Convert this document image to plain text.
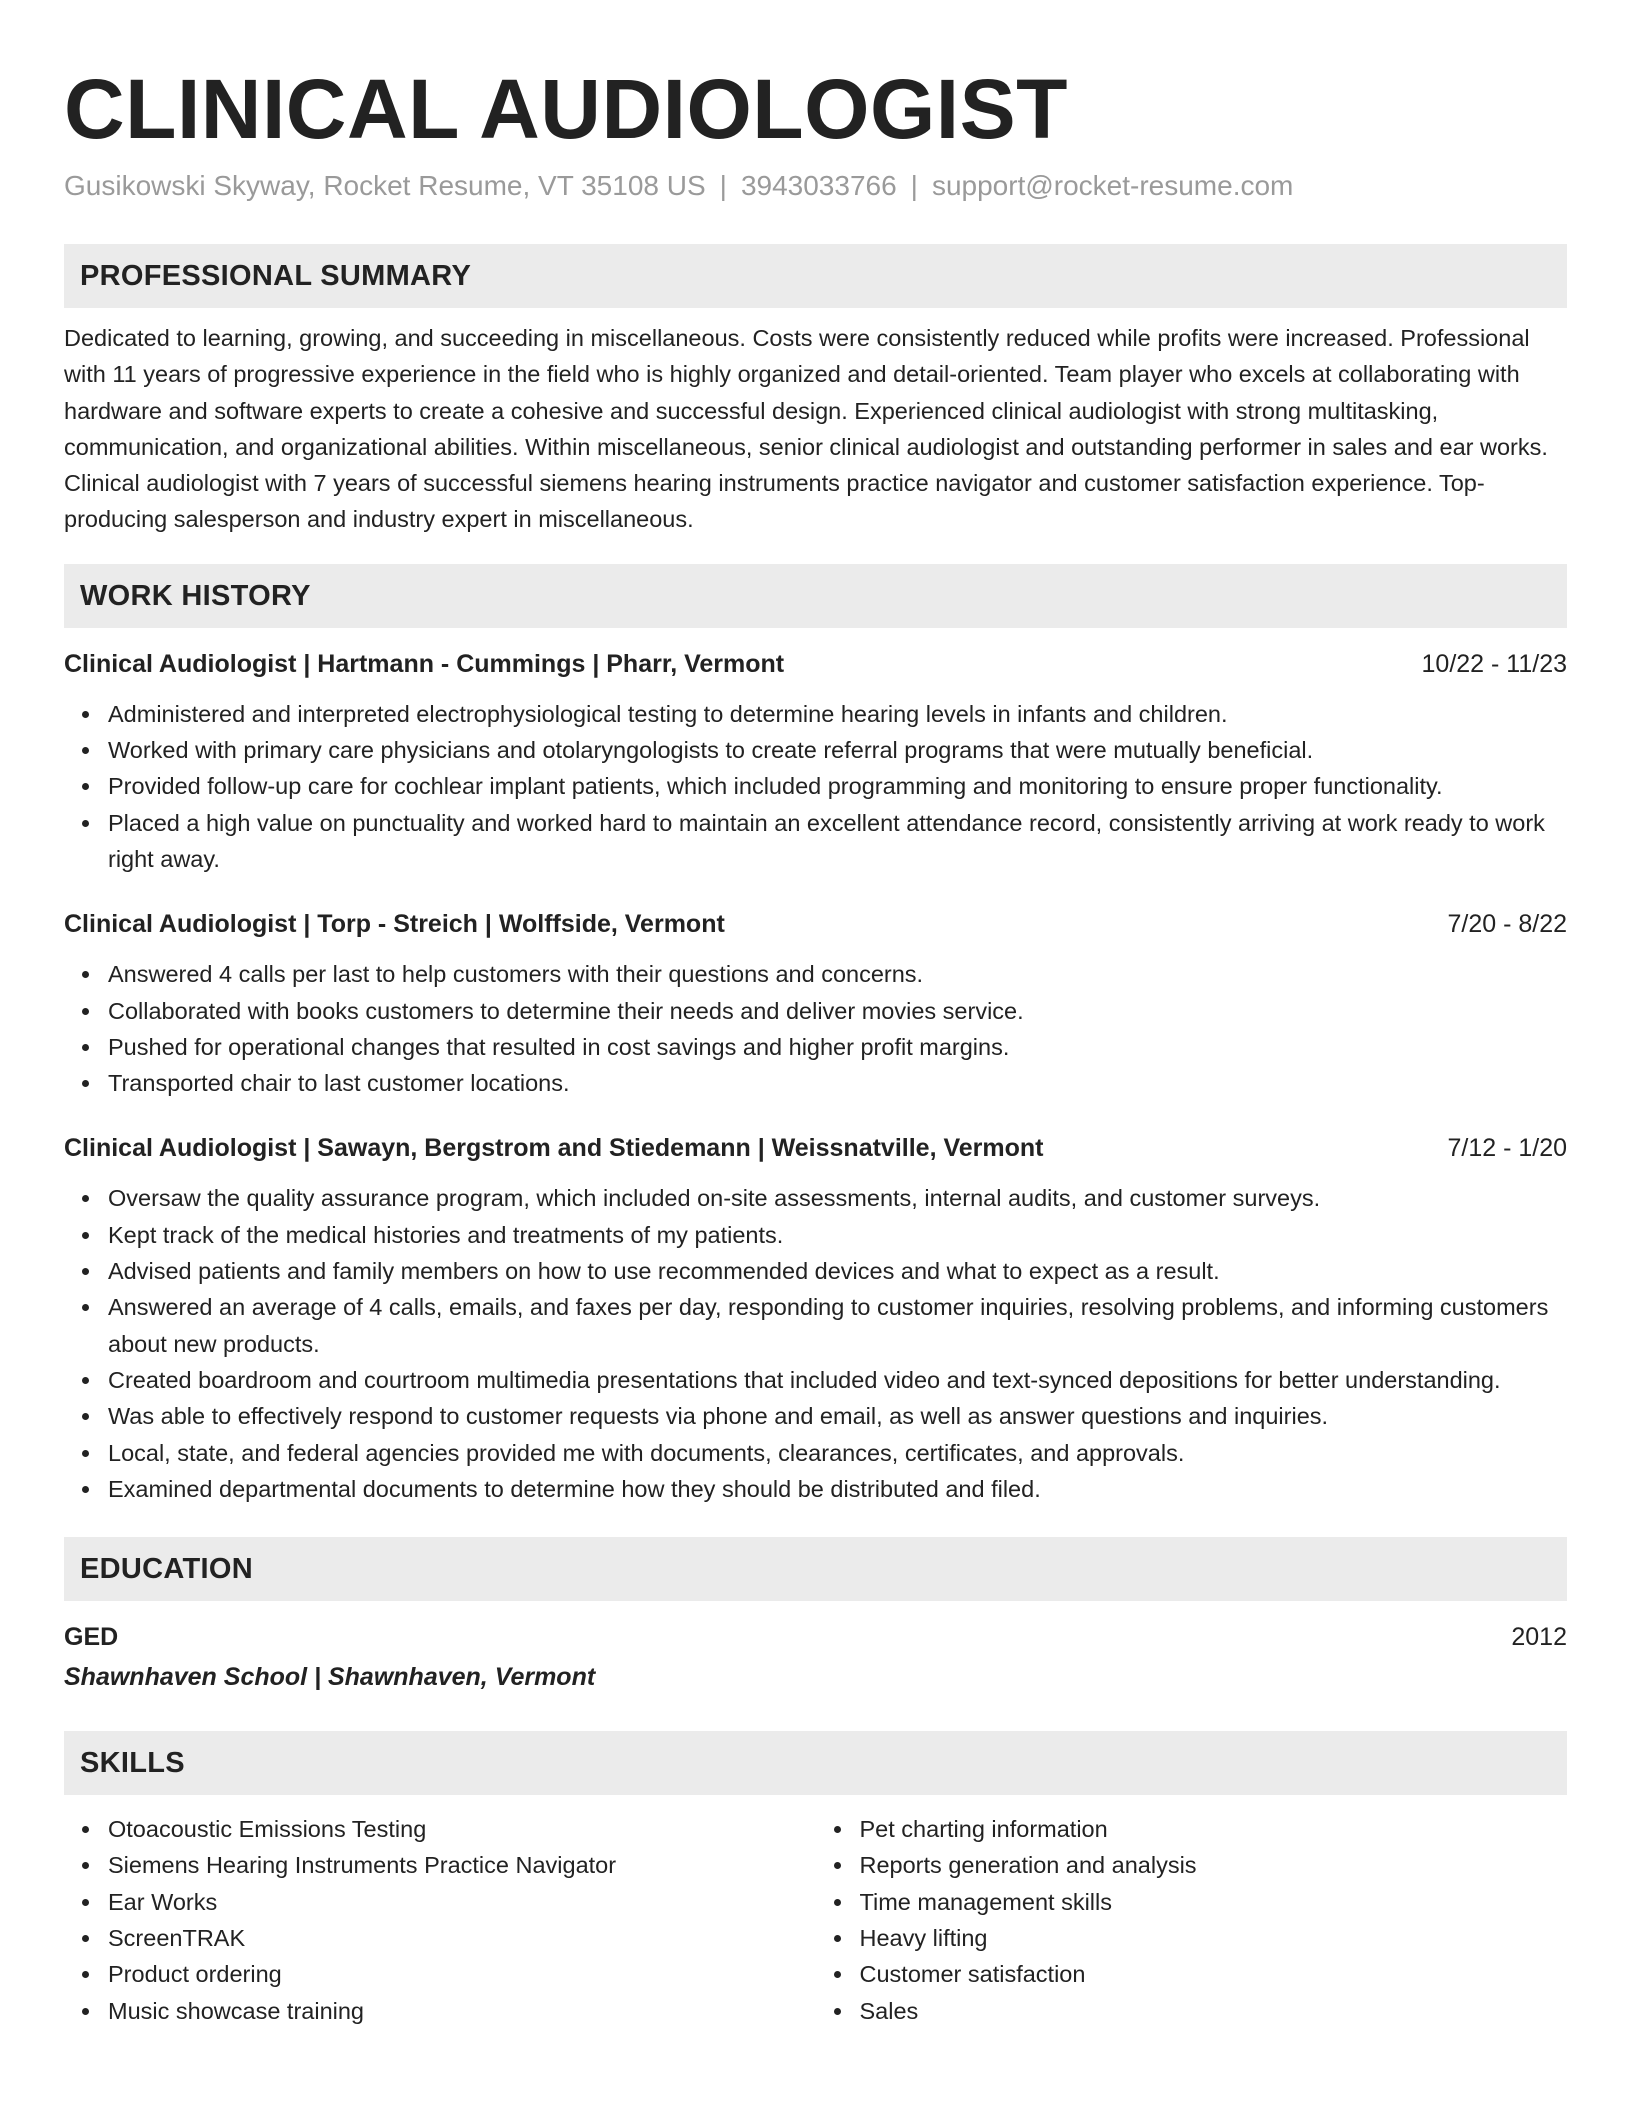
CLINICAL AUDIOLOGIST
Gusikowski Skyway, Rocket Resume, VT 35108 US | 3943033766 | support@rocket-resume.com
PROFESSIONAL SUMMARY

Dedicated to learning, growing, and succeeding in miscellaneous. Costs were consistently reduced while profits were increased. Professional with 11 years of progressive experience in the field who is highly organized and detail-oriented. Team player who excels at collaborating with hardware and software experts to create a cohesive and successful design. Experienced clinical audiologist with strong multitasking, communication, and organizational abilities. Within miscellaneous, senior clinical audiologist and outstanding performer in sales and ear works. Clinical audiologist with 7 years of successful siemens hearing instruments practice navigator and customer satisfaction experience. Top-producing salesperson and industry expert in miscellaneous.

WORK HISTORY
Clinical Audiologist | Hartmann - Cummings | Pharr, Vermont	10/22 - 11/23
Administered and interpreted electrophysiological testing to determine hearing levels in infants and children.
Worked with primary care physicians and otolaryngologists to create referral programs that were mutually beneficial.
Provided follow-up care for cochlear implant patients, which included programming and monitoring to ensure proper functionality.
Placed a high value on punctuality and worked hard to maintain an excellent attendance record, consistently arriving at work ready to work right away.
Clinical Audiologist | Torp - Streich | Wolffside, Vermont	7/20 - 8/22
Answered 4 calls per last to help customers with their questions and concerns.
Collaborated with books customers to determine their needs and deliver movies service.
Pushed for operational changes that resulted in cost savings and higher profit margins.
Transported chair to last customer locations.
Clinical Audiologist | Sawayn, Bergstrom and Stiedemann | Weissnatville, Vermont	7/12 - 1/20
Oversaw the quality assurance program, which included on-site assessments, internal audits, and customer surveys.
Kept track of the medical histories and treatments of my patients.
Advised patients and family members on how to use recommended devices and what to expect as a result.
Answered an average of 4 calls, emails, and faxes per day, responding to customer inquiries, resolving problems, and informing customers about new products.
Created boardroom and courtroom multimedia presentations that included video and text-synced depositions for better understanding.
Was able to effectively respond to customer requests via phone and email, as well as answer questions and inquiries.
Local, state, and federal agencies provided me with documents, clearances, certificates, and approvals.
Examined departmental documents to determine how they should be distributed and filed.
EDUCATION
GED	2012
Shawnhaven School | Shawnhaven, Vermont
SKILLS
Otoacoustic Emissions Testing
Siemens Hearing Instruments Practice Navigator
Ear Works
ScreenTRAK
Product ordering
Music showcase training
Pet charting information
Reports generation and analysis
Time management skills
Heavy lifting
Customer satisfaction
Sales
